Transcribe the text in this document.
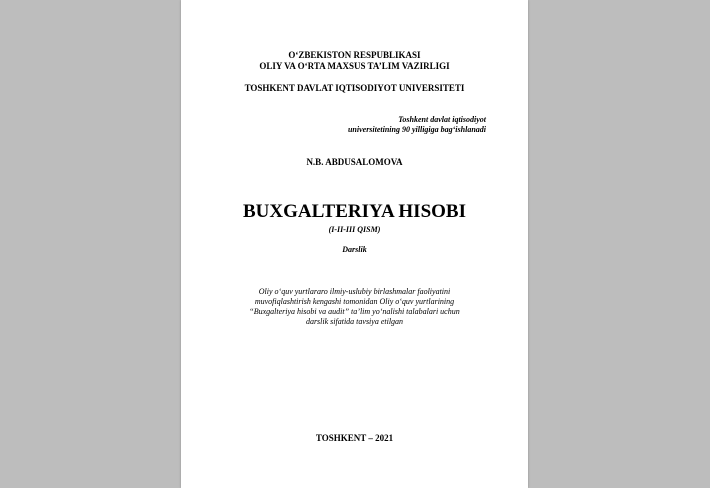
O‘ZBEKISTON RESPUBLIKASI
OLIY VA O‘RTA MAXSUS TA’LIM VAZIRLIGI
TOSHKENT DAVLAT IQTISODIYOT UNIVERSITETI
Toshkent davlat iqtisodiyot
universitetining 90 yilligiga bag‘ishlanadi
N.B. ABDUSALOMOVA
BUXGALTERIYA HISOBI
(I-II-III QISM)
Darslik
Oliy o‘quv yurtlararo ilmiy-uslubiy birlashmalar faoliyatini
muvofiqlashtirish kengashi tomonidan Oliy o‘quv yurtlarining
“Buxgalteriya hisobi va audit” ta’lim yo‘nalishi talabalari uchun
darslik sifatida tavsiya etilgan
TOSHKENT – 2021
